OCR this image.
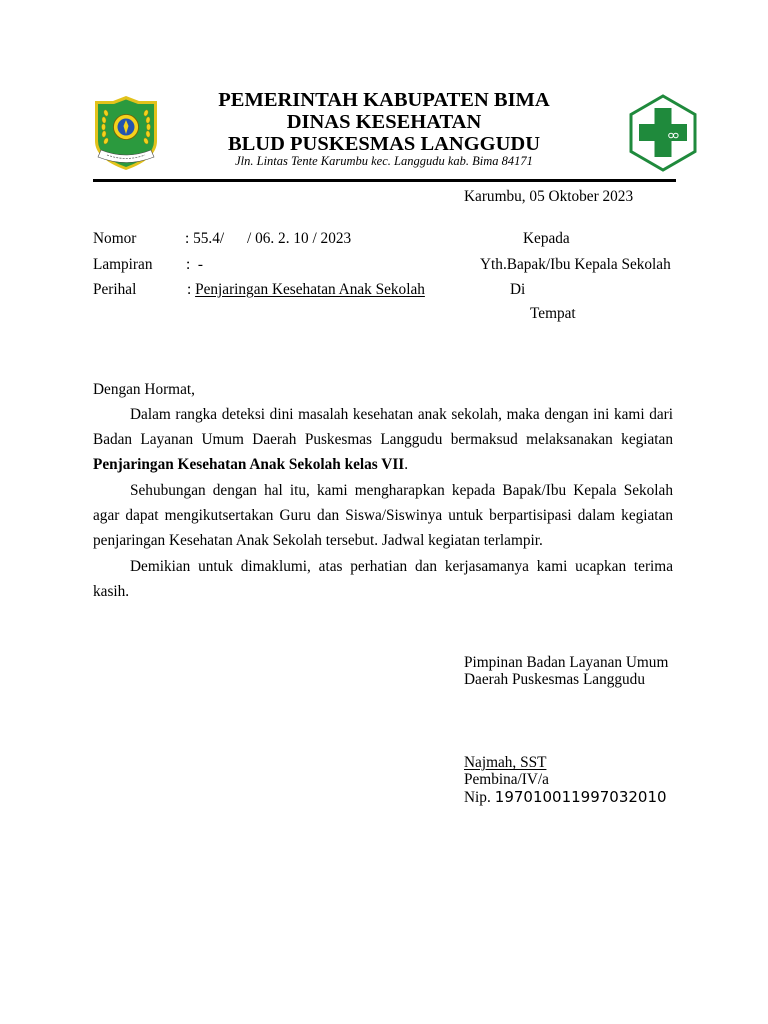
PEMERINTAH KABUPATEN BIMA
DINAS KESEHATAN
BLUD PUSKESMAS LANGGUDU
Jln. Lintas Tente Karumbu kec. Langgudu kab. Bima 84171
Karumbu, 05 Oktober 2023
Nomor	: 55.4/      / 06. 2. 10 / 2023
Lampiran :  -
Perihal	: Penjaringan Kesehatan Anak Sekolah
Kepada
Yth.Bapak/Ibu Kepala Sekolah
Di
Tempat
Dengan Hormat,
Dalam rangka deteksi dini masalah kesehatan anak sekolah, maka dengan ini kami dari
Badan Layanan Umum Daerah Puskesmas Langgudu bermaksud melaksanakan kegiatan
Penjaringan Kesehatan Anak Sekolah kelas VII.
Sehubungan dengan hal itu, kami mengharapkan kepada Bapak/Ibu Kepala Sekolah
agar dapat mengikutsertakan Guru dan Siswa/Siswinya untuk berpartisipasi dalam kegiatan
penjaringan Kesehatan Anak Sekolah tersebut. Jadwal kegiatan terlampir.
Demikian untuk dimaklumi, atas perhatian dan kerjasamanya kami ucapkan terima
kasih.
Pimpinan Badan Layanan Umum
Daerah Puskesmas Langgudu
Najmah, SST
Pembina/IV/a
Nip. 197010011997032010
